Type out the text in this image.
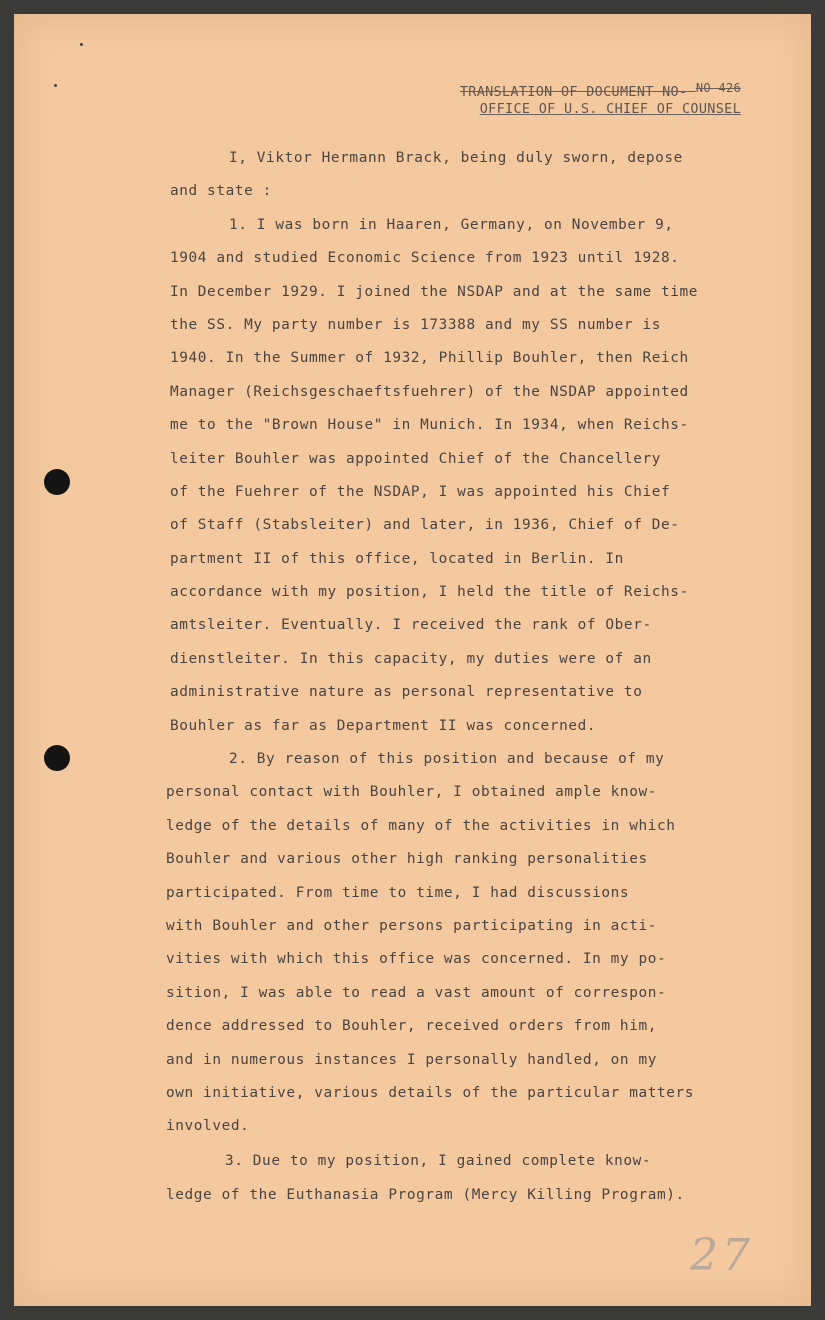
TRANSLATION OF DOCUMENT NO- NO-426
OFFICE OF U.S. CHIEF OF COUNSEL

I, Viktor Hermann Brack, being duly sworn, depose

and state :

1. I was born in Haaren, Germany, on November 9,

1904 and studied Economic Science from 1923 until 1928.

In December 1929. I joined the NSDAP and at the same time

the SS. My party number is 173388 and my SS number is

1940. In the Summer of 1932, Phillip Bouhler, then Reich

Manager (Reichsgeschaeftsfuehrer) of the NSDAP appointed

me to the "Brown House" in Munich. In 1934, when Reichs-

leiter Bouhler was appointed Chief of the Chancellery

of the Fuehrer of the NSDAP, I was appointed his Chief

of Staff (Stabsleiter) and later, in 1936, Chief of De-

partment II of this office, located in Berlin. In

accordance with my position, I held the title of Reichs-

amtsleiter. Eventually. I received the rank of Ober-

dienstleiter. In this capacity, my duties were of an

administrative nature as personal representative to

Bouhler as far as Department II was concerned.

2. By reason of this position and because of my

personal contact with Bouhler, I obtained ample know-

ledge of the details of many of the activities in which

Bouhler and various other high ranking personalities

participated. From time to time, I had discussions

with Bouhler and other persons participating in acti-

vities with which this office was concerned. In my po-

sition, I was able to read a vast amount of correspon-

dence addressed to Bouhler, received orders from him,

and in numerous instances I personally handled, on my

own initiative, various details of the particular matters

involved.

3. Due to my position, I gained complete know-

ledge of the Euthanasia Program (Mercy Killing Program).

27
